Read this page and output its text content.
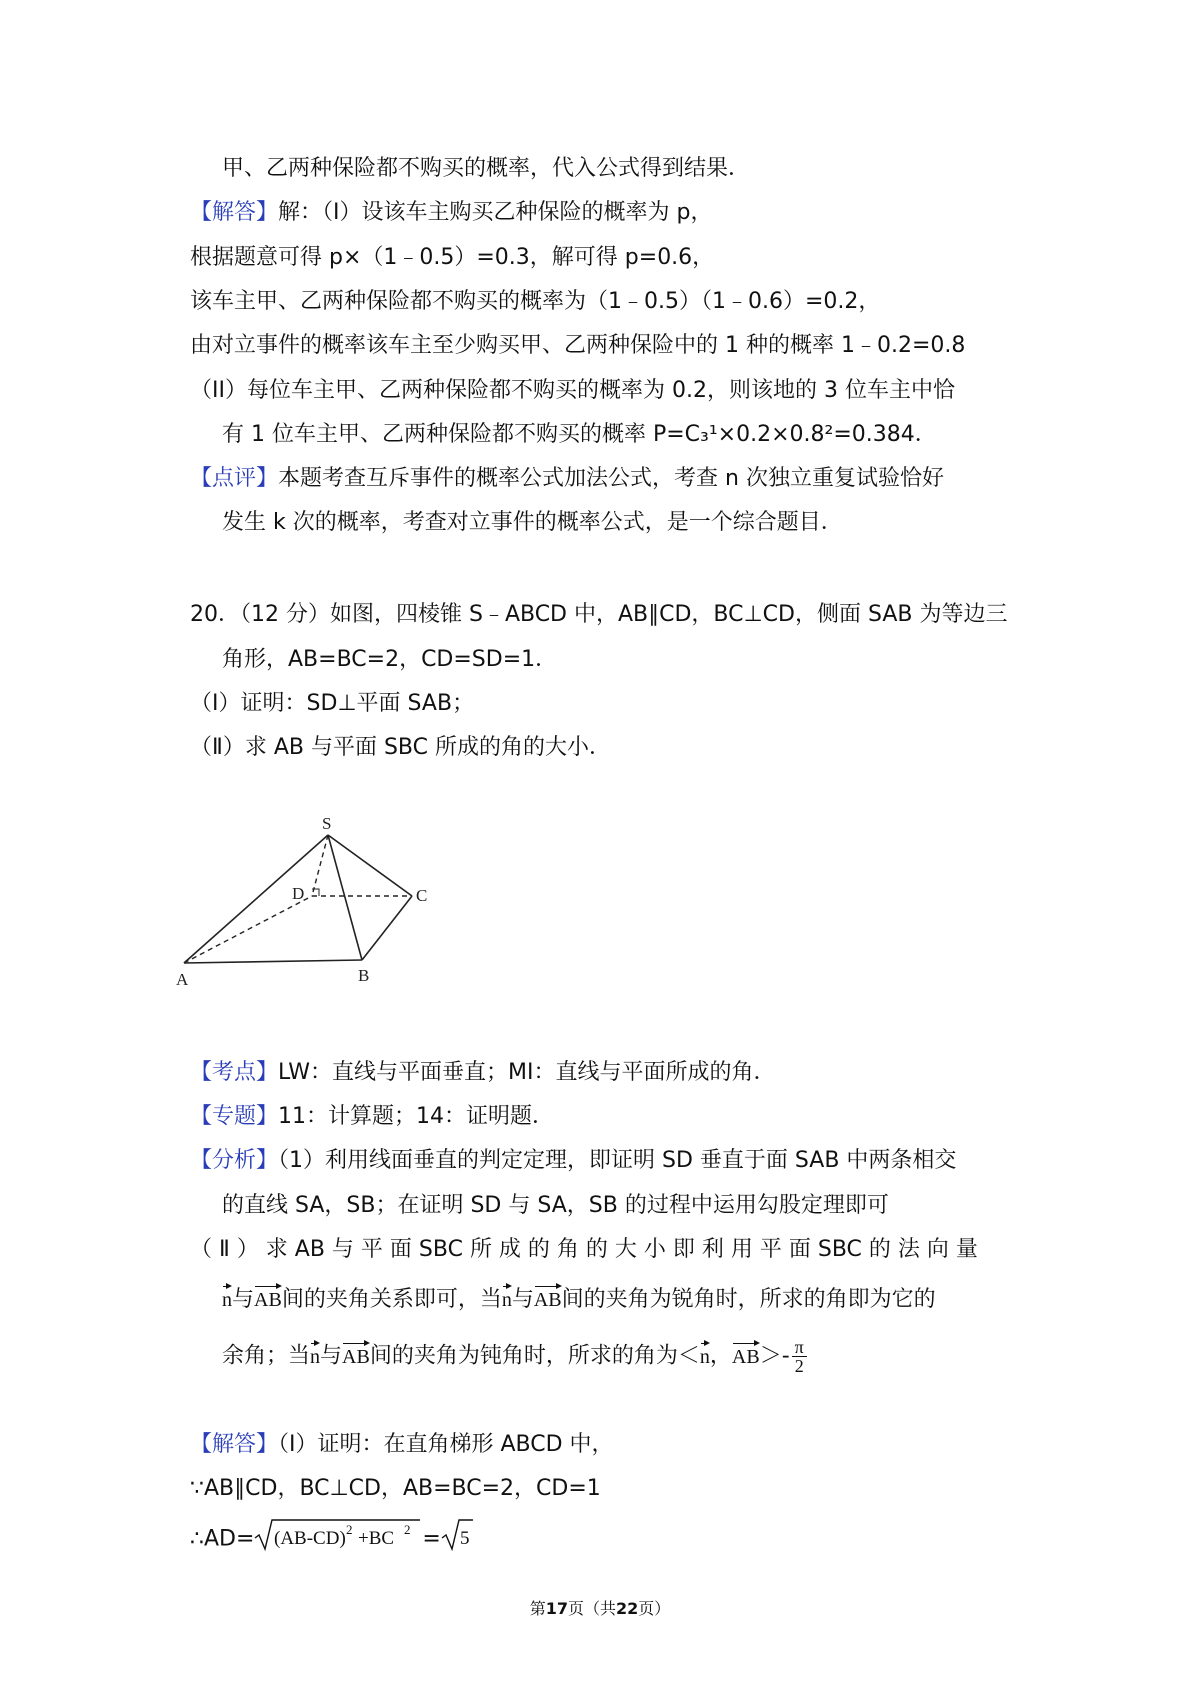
甲、乙两种保险都不购买的概率，代入公式得到结果．
【解答】解：（I）设该车主购买乙种保险的概率为 p，
根据题意可得 p×（1﹣0.5）=0.3，解可得 p=0.6，
该车主甲、乙两种保险都不购买的概率为（1﹣0.5）（1﹣0.6）=0.2，
由对立事件的概率该车主至少购买甲、乙两种保险中的 1 种的概率 1﹣0.2=0.8
（II）每位车主甲、乙两种保险都不购买的概率为 0.2，则该地的 3 位车主中恰
有 1 位车主甲、乙两种保险都不购买的概率 P=C₃¹×0.2×0.8²=0.384．
【点评】本题考查互斥事件的概率公式加法公式，考查 n 次独立重复试验恰好
发生 k 次的概率，考查对立事件的概率公式，是一个综合题目．
20．（12 分）如图，四棱锥 S﹣ABCD 中，AB∥CD，BC⊥CD，侧面 SAB 为等边三
角形，AB=BC=2，CD=SD=1．
（Ⅰ）证明：SD⊥平面 SAB；
（Ⅱ）求 AB 与平面 SBC 所成的角的大小．
S
D	C
A	B
【考点】LW：直线与平面垂直；MI：直线与平面所成的角．
【专题】11：计算题；14：证明题．
【分析】（1）利用线面垂直的判定定理，即证明 SD 垂直于面 SAB 中两条相交
的直线 SA，SB；在证明 SD 与 SA，SB 的过程中运用勾股定理即可
（ Ⅱ ） 求 AB 与 平 面 SBC 所 成 的 角 的 大 小 即 利 用 平 面 SBC 的 法 向 量
n与AB间的夹角关系即可，当n与AB间的夹角为锐角时，所求的角即为它的
余角；当n与AB间的夹角为钝角时，所求的角为＜n，$AB>- \frac{\pi}{2}$
【解答】（Ⅰ）证明：在直角梯形 ABCD 中，
∵AB∥CD，BC⊥CD，AB=BC=2，CD=1
∴AD= (AB-CD) 2 +BC 2 = 5
第17页（共22页）
